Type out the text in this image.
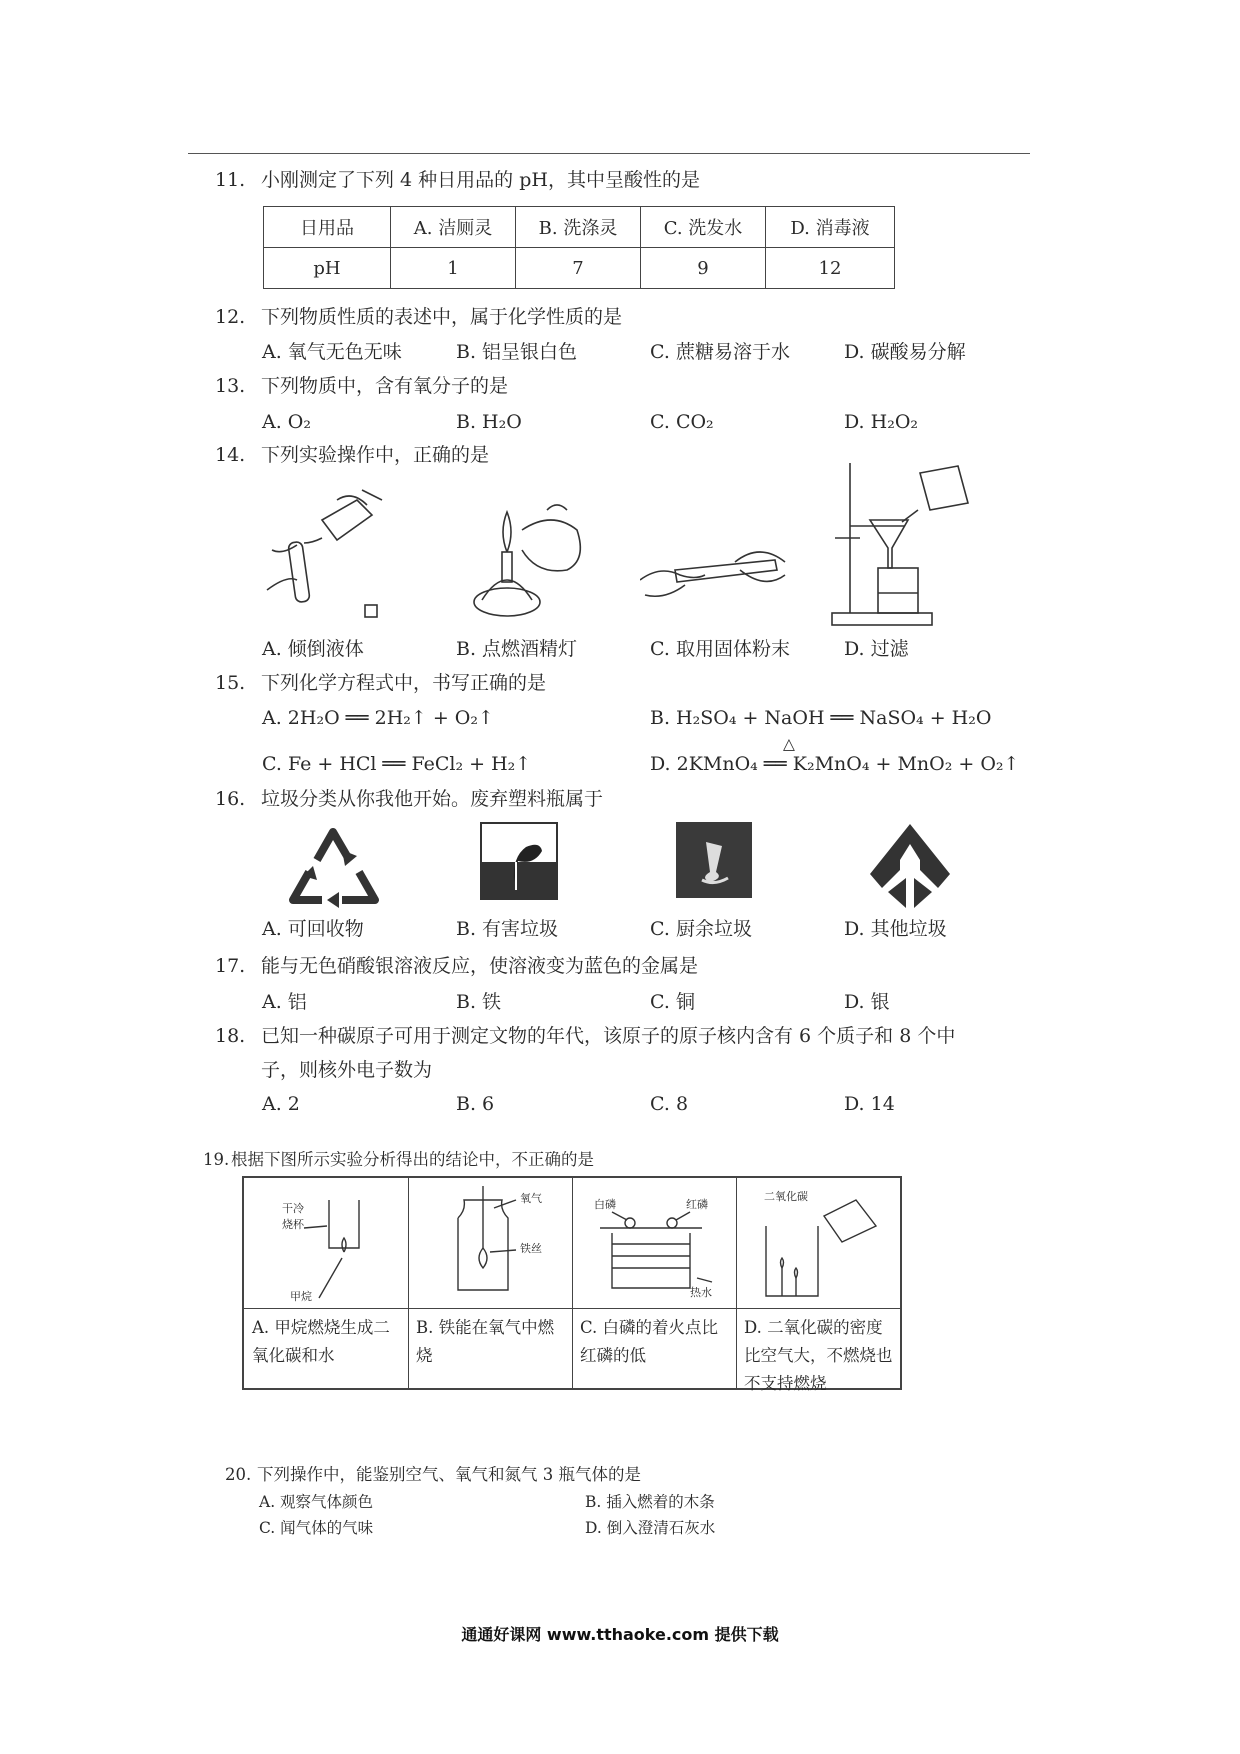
11. 小刚测定了下列 4 种日用品的 pH，其中呈酸性的是
日用品	A. 洁厕灵	B. 洗涤灵	C. 洗发水	D. 消毒液
pH	1	7	9	12
12. 下列物质性质的表述中，属于化学性质的是
A. 氧气无色无味	B. 铝呈银白色	C. 蔗糖易溶于水	D. 碳酸易分解
13. 下列物质中，含有氧分子的是
A. O₂	B. H₂O	C. CO₂	D. H₂O₂
14. 下列实验操作中，正确的是
A. 倾倒液体	B. 点燃酒精灯	C. 取用固体粉末	D. 过滤
15. 下列化学方程式中，书写正确的是
A. 2H₂O ══ 2H₂↑ + O₂↑	B. H₂SO₄ + NaOH ══ NaSO₄ + H₂O
C. Fe + HCl ══ FeCl₂ + H₂↑	D. 2KMnO₄ ══ K₂MnO₄ + MnO₂ + O₂↑
△
16. 垃圾分类从你我他开始。废弃塑料瓶属于
A. 可回收物	B. 有害垃圾	C. 厨余垃圾	D. 其他垃圾
17. 能与无色硝酸银溶液反应，使溶液变为蓝色的金属是
A. 铝	B. 铁	C. 铜	D. 银
18. 已知一种碳原子可用于测定文物的年代，该原子的原子核内含有 6 个质子和 8 个中
子，则核外电子数为
A. 2	B. 6	C. 8	D. 14
19. 根据下图所示实验分析得出的结论中，不正确的是
干冷
烧杯
甲烷
A. 甲烷燃烧生成二氧化碳和水
氧气
铁丝
B. 铁能在氧气中燃烧
白磷	红磷
热水
C. 白磷的着火点比红磷的低
二氧化碳
D. 二氧化碳的密度比空气大，不燃烧也不支持燃烧
20. 下列操作中，能鉴别空气、氧气和氮气 3 瓶气体的是
A. 观察气体颜色	B. 插入燃着的木条
C. 闻气体的气味	D. 倒入澄清石灰水
通通好课网 www.tthaoke.com 提供下载
